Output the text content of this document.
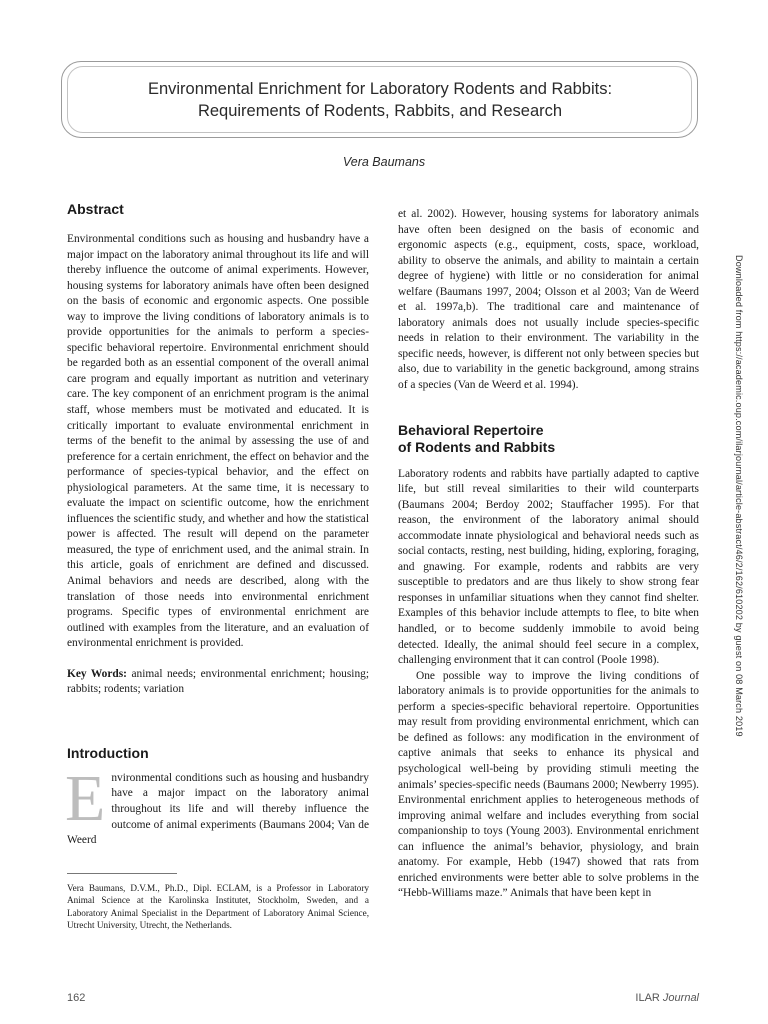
Environmental Enrichment for Laboratory Rodents and Rabbits:
Requirements of Rodents, Rabbits, and Research
Vera Baumans
Abstract

Environmental conditions such as housing and husbandry have a major impact on the laboratory animal throughout its life and will thereby influence the outcome of animal experiments. However, housing systems for laboratory animals have often been designed on the basis of economic and ergonomic aspects. One possible way to improve the living conditions of laboratory animals is to provide opportunities for the animals to perform a species-specific behavioral repertoire. Environmental enrichment should be regarded both as an essential component of the overall animal care program and equally important as nutrition and veterinary care. The key component of an enrichment program is the animal staff, whose members must be motivated and educated. It is critically important to evaluate environmental enrichment in terms of the benefit to the animal by assessing the use of and preference for a certain enrichment, the effect on behavior and the performance of species-typical behavior, and the effect on physiological parameters. At the same time, it is necessary to evaluate the impact on scientific outcome, how the enrichment influences the scientific study, and whether and how the statistical power is affected. The result will depend on the parameter measured, the type of enrichment used, and the animal strain. In this article, goals of enrichment are defined and discussed. Animal behaviors and needs are described, along with the translation of those needs into environmental enrichment programs. Specific types of environmental enrichment are outlined with examples from the literature, and an evaluation of environmental enrichment is provided.

Key Words: animal needs; environmental enrichment; housing; rabbits; rodents; variation

Introduction

Environmental conditions such as housing and husbandry have a major impact on the laboratory animal throughout its life and will thereby influence the outcome of animal experiments (Baumans 2004; Van de Weerd

et al. 2002). However, housing systems for laboratory animals have often been designed on the basis of economic and ergonomic aspects (e.g., equipment, costs, space, workload, ability to observe the animals, and ability to maintain a certain degree of hygiene) with little or no consideration for animal welfare (Baumans 1997, 2004; Olsson et al 2003; Van de Weerd et al. 1997a,b). The traditional care and maintenance of laboratory animals does not usually include species-specific needs in relation to their environment. The variability in the specific needs, however, is different not only between species but also, due to variability in the genetic background, among strains of a species (Van de Weerd et al. 1994).

Behavioral Repertoire
of Rodents and Rabbits

Laboratory rodents and rabbits have partially adapted to captive life, but still reveal similarities to their wild counterparts (Baumans 2004; Berdoy 2002; Stauffacher 1995). For that reason, the environment of the laboratory animal should accommodate innate physiological and behavioral needs such as social contacts, resting, nest building, hiding, exploring, foraging, and gnawing. For example, rodents and rabbits are very susceptible to predators and are thus likely to show strong fear responses in unfamiliar situations when they cannot find shelter. Examples of this behavior include attempts to flee, to bite when handled, or to become suddenly immobile to avoid being detected. Ideally, the animal should feel secure in a complex, challenging environment that it can control (Poole 1998).

One possible way to improve the living conditions of laboratory animals is to provide opportunities for the animals to perform a species-specific behavioral repertoire. Opportunities may result from providing environmental enrichment, which can be defined as follows: any modification in the environment of captive animals that seeks to enhance its physical and psychological well-being by providing stimuli meeting the animals’ species-specific needs (Baumans 2000; Newberry 1995). Environmental enrichment applies to heterogeneous methods of improving animal welfare and includes everything from social companionship to toys (Young 2003). Environmental enrichment can influence the animal’s behavior, physiology, and brain anatomy. For example, Hebb (1947) showed that rats from enriched environments were better able to solve problems in the “Hebb-Williams maze.” Animals that have been kept in

Vera Baumans, D.V.M., Ph.D., Dipl. ECLAM, is a Professor in Laboratory Animal Science at the Karolinska Institutet, Stockholm, Sweden, and a Laboratory Animal Specialist in the Department of Laboratory Animal Science, Utrecht University, Utrecht, the Netherlands.

162	ILAR Journal
Downloaded from https://academic.oup.com/ilarjournal/article-abstract/46/2/162/610202 by guest on 08 March 2019
